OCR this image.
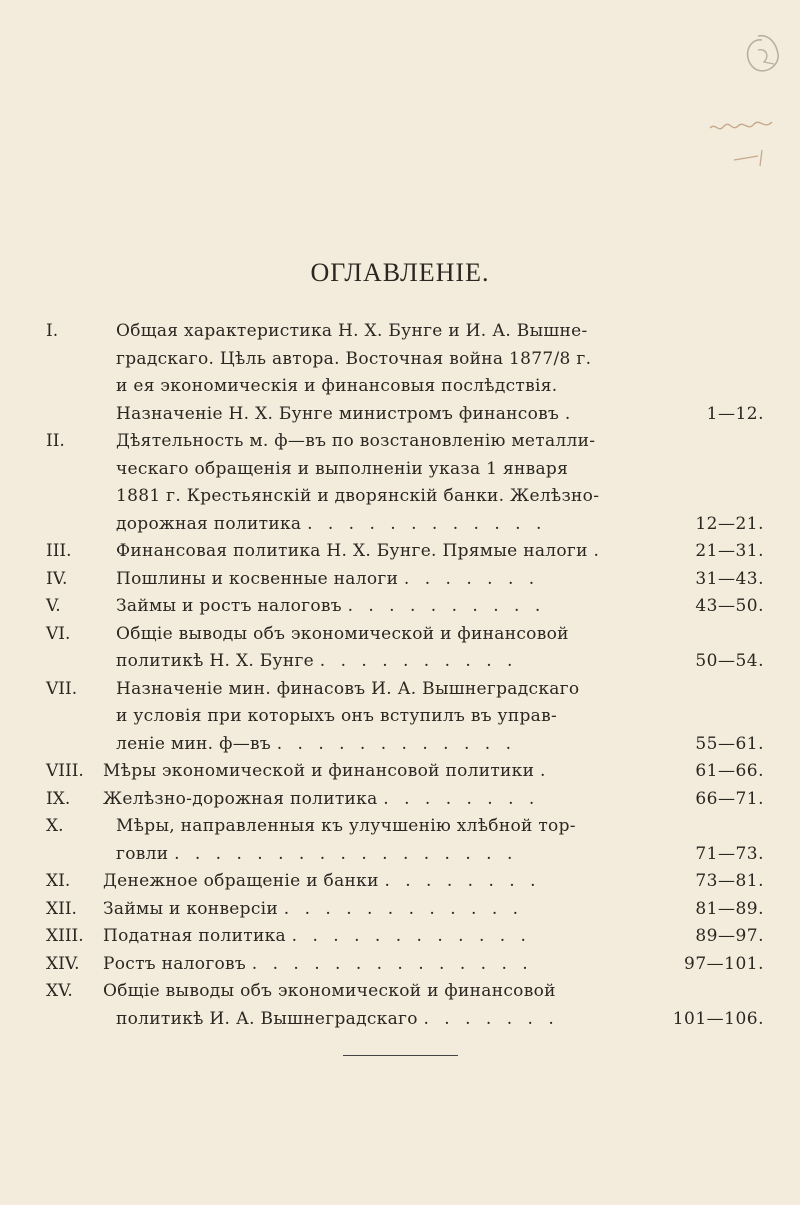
ОГЛАВЛЕНІЕ.
I.	Общая характеристика Н. Х. Бунге и И. А. Вышне-
градскаго. Цѣль автора. Восточная война 1877/8 г.
и ея экономическія и финансовыя послѣдствія.
Назначеніе Н. Х. Бунге министромъ финансовъ .	1—12.
II.	Дѣятельность м. ф—въ по возстановленію металли-
ческаго обращенія и выполненіи указа 1 января
1881 г. Крестьянскій и дворянскій банки. Желѣзно-
дорожная политика . . . . . . . . . . . .	12—21.
III.	Финансовая политика Н. Х. Бунге. Прямые налоги .	21—31.
IV.	Пошлины и косвенные налоги . . . . . . .	31—43.
V.	Займы и ростъ налоговъ . . . . . . . . . .	43—50.
VI.	Общіе выводы объ экономической и финансовой
политикѣ Н. Х. Бунге . . . . . . . . . .	50—54.
VII. Назначеніе мин. финасовъ И. А. Вышнеградскаго
и условія при которыхъ онъ вступилъ въ управ-
леніе мин. ф—въ . . . . . . . . . . . .	55—61.
VIII. Мѣры экономической и финансовой политики .	61—66.
IX. Желѣзно-дорожная политика . . . . . . . .	66—71.
X.	Мѣры, направленныя къ улучшенію хлѣбной тор-
говли . . . . . . . . . . . . . . . . .	71—73.
XI. Денежное обращеніе и банки . . . . . . . .	73—81.
XII. Займы и конверсіи . . . . . . . . . . . .	81—89.
XIII. Податная политика . . . . . . . . . . . .	89—97.
XIV. Ростъ налоговъ . . . . . . . . . . . . . .	97—101.
XV. Общіе выводы объ экономической и финансовой
политикѣ И. А. Вышнеградскаго . . . . . . .	101—106.
